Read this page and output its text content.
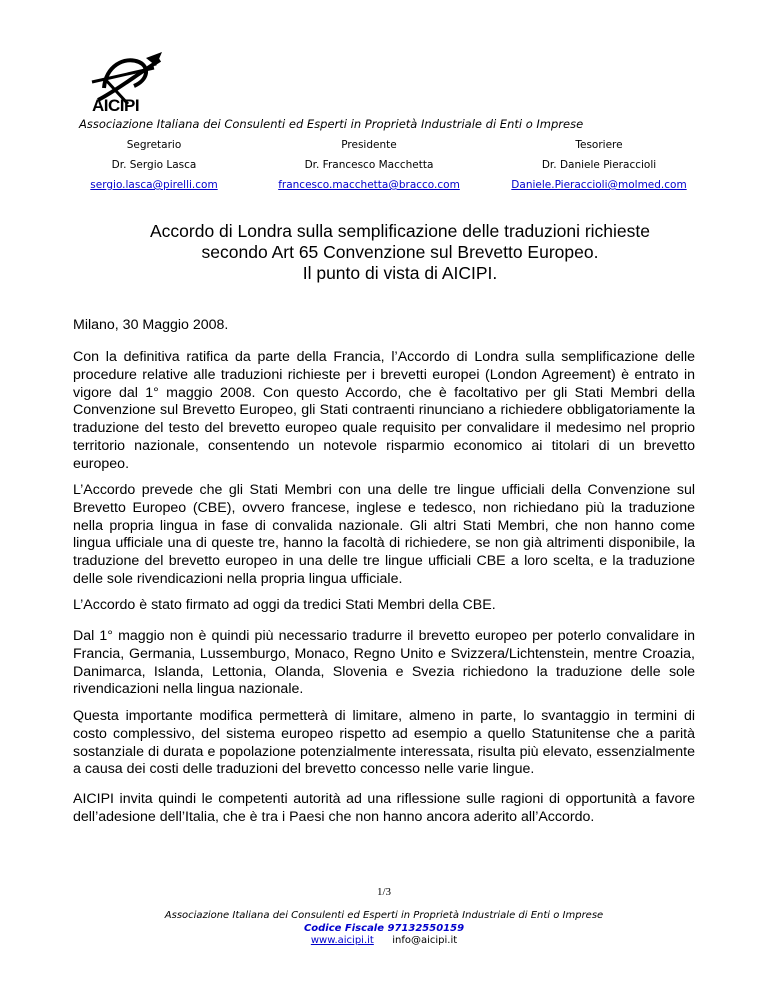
AICIPI
Associazione Italiana dei Consulenti ed Esperti in Proprietà Industriale di Enti o Imprese
Segretario
Dr. Sergio Lasca
sergio.lasca@pirelli.com
Presidente
Dr. Francesco Macchetta
francesco.macchetta@bracco.com
Tesoriere
Dr. Daniele Pieraccioli
Daniele.Pieraccioli@molmed.com
Accordo di Londra sulla semplificazione delle traduzioni richieste
secondo Art 65 Convenzione sul Brevetto Europeo.
Il punto di vista di AICIPI.
Milano, 30 Maggio 2008.
Con la definitiva ratifica da parte della Francia, l’Accordo di Londra sulla semplificazione delle procedure relative alle traduzioni richieste per i brevetti europei (London Agreement) è entrato in vigore dal 1° maggio 2008. Con questo Accordo, che è facoltativo per gli Stati Membri della Convenzione sul Brevetto Europeo, gli Stati contraenti rinunciano a richiedere obbligatoriamente la traduzione del testo del brevetto europeo quale requisito per convalidare il medesimo nel proprio territorio nazionale, consentendo un notevole risparmio economico ai titolari di un brevetto europeo.
L’Accordo prevede che gli Stati Membri con una delle tre lingue ufficiali della Convenzione sul Brevetto Europeo (CBE), ovvero francese, inglese e tedesco, non richiedano più la traduzione nella propria lingua in fase di convalida nazionale. Gli altri Stati Membri, che non hanno come lingua ufficiale una di queste tre, hanno la facoltà di richiedere, se non già altrimenti disponibile, la traduzione del brevetto europeo in una delle tre lingue ufficiali CBE a loro scelta, e la traduzione delle sole rivendicazioni nella propria lingua ufficiale.
L’Accordo è stato firmato ad oggi da tredici Stati Membri della CBE.
Dal 1° maggio non è quindi più necessario tradurre il brevetto europeo per poterlo convalidare in Francia, Germania, Lussemburgo, Monaco, Regno Unito e Svizzera/Lichtenstein, mentre Croazia, Danimarca, Islanda, Lettonia, Olanda, Slovenia e Svezia richiedono la traduzione delle sole rivendicazioni nella lingua nazionale.
Questa importante modifica permetterà di limitare, almeno in parte, lo svantaggio in termini di costo complessivo, del sistema europeo rispetto ad esempio a quello Statunitense che a parità sostanziale di durata e popolazione potenzialmente interessata, risulta più elevato, essenzialmente a causa dei costi delle traduzioni del brevetto concesso nelle varie lingue.
AICIPI invita quindi le competenti autorità ad una riflessione sulle ragioni di opportunità a favore dell’adesione dell’Italia, che è tra i Paesi che non hanno ancora aderito all’Accordo.
1/3
Associazione Italiana dei Consulenti ed Esperti in Proprietà Industriale di Enti o Imprese
Codice Fiscale 97132550159
www.aicipi.it info@aicipi.it
